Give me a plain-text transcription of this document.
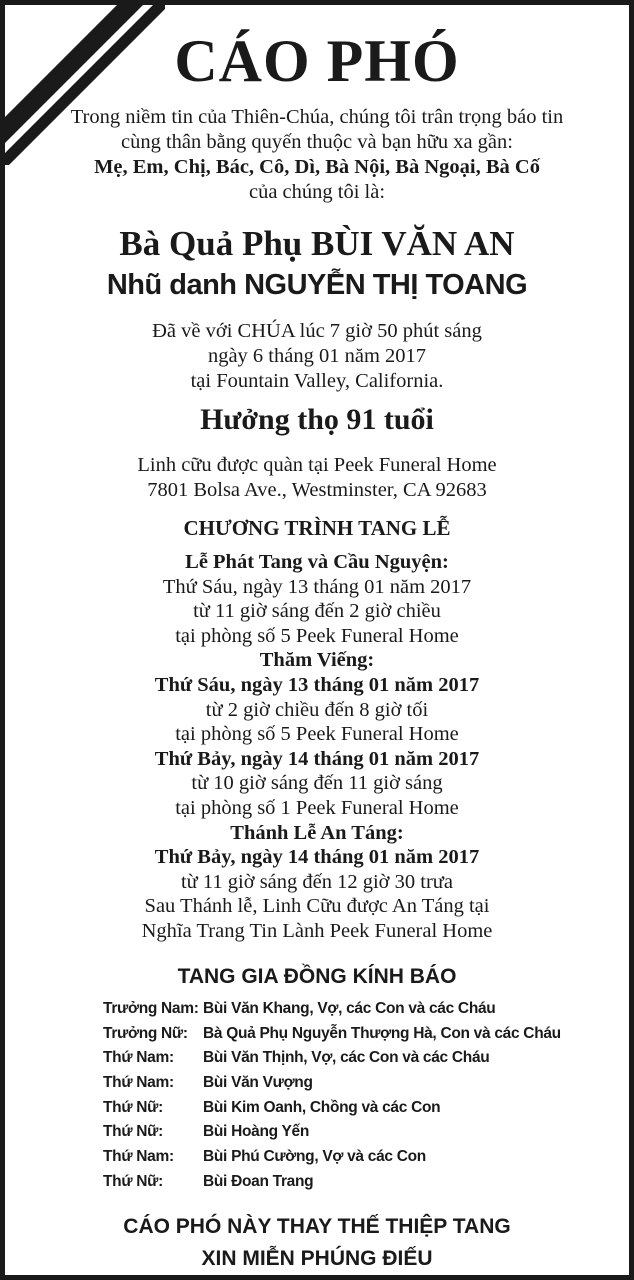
CÁO PHÓ
Trong niềm tin của Thiên-Chúa, chúng tôi trân trọng báo tin
cùng thân bằng quyến thuộc và bạn hữu xa gần:
Mẹ, Em, Chị, Bác, Cô, Dì, Bà Nội, Bà Ngoại, Bà Cố
của chúng tôi là:
Bà Quả Phụ BÙI VĂN AN
Nhũ danh NGUYỄN THỊ TOANG
Đã về với CHÚA lúc 7 giờ 50 phút sáng
ngày 6 tháng 01 năm 2017
tại Fountain Valley, California.
Hưởng thọ 91 tuổi
Linh cữu được quàn tại Peek Funeral Home
7801 Bolsa Ave., Westminster, CA 92683
CHƯƠNG TRÌNH TANG LỄ
Lễ Phát Tang và Cầu Nguyện:
Thứ Sáu, ngày 13 tháng 01 năm 2017
từ 11 giờ sáng đến 2 giờ chiều
tại phòng số 5 Peek Funeral Home
Thăm Viếng:
Thứ Sáu, ngày 13 tháng 01 năm 2017
từ 2 giờ chiều đến 8 giờ tối
tại phòng số 5 Peek Funeral Home
Thứ Bảy, ngày 14 tháng 01 năm 2017
từ 10 giờ sáng đến 11 giờ sáng
tại phòng số 1 Peek Funeral Home
Thánh Lễ An Táng:
Thứ Bảy, ngày 14 tháng 01 năm 2017
từ 11 giờ sáng đến 12 giờ 30 trưa
Sau Thánh lễ, Linh Cữu được An Táng tại
Nghĩa Trang Tin Lành Peek Funeral Home
TANG GIA ĐỒNG KÍNH BÁO
Trưởng Nam: Bùi Văn Khang, Vợ, các Con và các Cháu
Trưởng Nữ: Bà Quả Phụ Nguyễn Thượng Hà, Con và các Cháu
Thứ Nam: Bùi Văn Thịnh, Vợ, các Con và các Cháu
Thứ Nam: Bùi Văn Vượng
Thứ Nữ:	Bùi Kim Oanh, Chồng và các Con
Thứ Nữ:	Bùi Hoàng Yến
Thứ Nam: Bùi Phú Cường, Vợ và các Con
Thứ Nữ:	Bùi Đoan Trang
CÁO PHÓ NÀY THAY THẾ THIỆP TANG
XIN MIỄN PHÚNG ĐIẾU
